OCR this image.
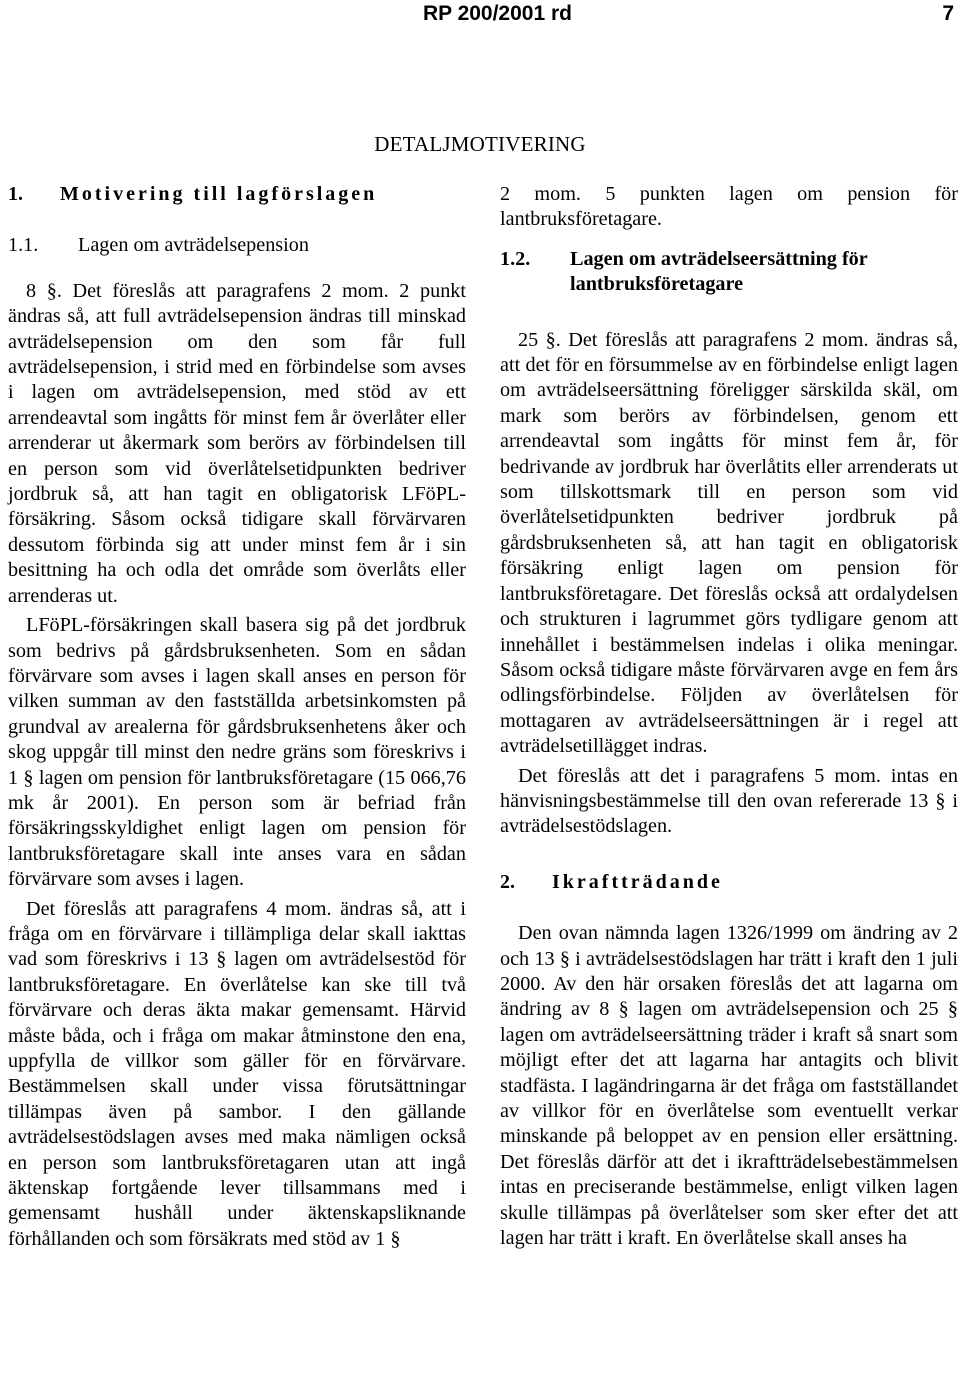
RP 200/2001 rd	7
DETALJMOTIVERING
1. Motivering till lagförslagen
1.1. Lagen om avträdelsepension

8 §. Det föreslås att paragrafens 2 mom. 2 punkt ändras så, att full avträdelsepension ändras till minskad avträdelsepension om den som får full avträdelsepension, i strid med en förbindelse som avses i lagen om avträdelsepension, med stöd av ett arrendeavtal som ingåtts för minst fem år överlåter eller arrenderar ut åkermark som berörs av förbindelsen till en person som vid överlåtelsetidpunkten bedriver jordbruk så, att han tagit en obligatorisk LFöPL-försäkring. Såsom också tidigare skall förvärvaren dessutom förbinda sig att under minst fem år i sin besittning ha och odla det område som överlåts eller arrenderas ut.

LFöPL-försäkringen skall basera sig på det jordbruk som bedrivs på gårdsbruksenheten. Som en sådan förvärvare som avses i lagen skall anses en person för vilken summan av den fastställda arbetsinkomsten på grundval av arealerna för gårdsbruksenhetens åker och skog uppgår till minst den nedre gräns som föreskrivs i 1 § lagen om pension för lantbruksföretagare (15 066,76 mk år 2001). En person som är befriad från försäkringsskyldighet enligt lagen om pension för lantbruksföretagare skall inte anses vara en sådan förvärvare som avses i lagen.

Det föreslås att paragrafens 4 mom. ändras så, att i fråga om en förvärvare i tillämpliga delar skall iakttas vad som föreskrivs i 13 § lagen om avträdelsestöd för lantbruksföretagare. En överlåtelse kan ske till två förvärvare och deras äkta makar gemensamt. Härvid måste båda, och i fråga om makar åtminstone den ena, uppfylla de villkor som gäller för en förvärvare. Bestämmelsen skall under vissa förutsättningar tillämpas även på sambor. I den gällande avträdelsestödslagen avses med maka nämligen också en person som lantbruksföretagaren utan att ingå äktenskap fortgående lever tillsammans med i gemensamt hushåll under äktenskapsliknande förhållanden och som försäkrats med stöd av 1 §

2 mom. 5 punkten lagen om pension för lantbruksföretagare.

1.2.	Lagen om avträdelseersättning för lantbruksföretagare

25 §. Det föreslås att paragrafens 2 mom. ändras så, att det för en försummelse av en förbindelse enligt lagen om avträdelseersättning föreligger särskilda skäl, om mark som berörs av förbindelsen, genom ett arrendeavtal som ingåtts för minst fem år, för bedrivande av jordbruk har överlåtits eller arrenderats ut som tillskottsmark till en person som vid överlåtelsetidpunkten bedriver jordbruk på gårdsbruksenheten så, att han tagit en obligatorisk försäkring enligt lagen om pension för lantbruksföretagare. Det föreslås också att ordalydelsen och strukturen i lagrummet görs tydligare genom att innehållet i bestämmelsen indelas i olika meningar. Såsom också tidigare måste förvärvaren avge en fem års odlingsförbindelse. Följden av överlåtelsen för mottagaren av avträdelseersättningen är i regel att avträdelsetillägget indras.

Det föreslås att det i paragrafens 5 mom. intas en hänvisningsbestämmelse till den ovan refererade 13 § i avträdelsestödslagen.

2. Ikraftträdande

Den ovan nämnda lagen 1326/1999 om ändring av 2 och 13 § i avträdelsestödslagen har trätt i kraft den 1 juli 2000. Av den här orsaken föreslås det att lagarna om ändring av 8 § lagen om avträdelsepension och 25 § lagen om avträdelseersättning träder i kraft så snart som möjligt efter det att lagarna har antagits och blivit stadfästa. I lagändringarna är det fråga om fastställandet av villkor för en överlåtelse som eventuellt verkar minskande på beloppet av en pension eller ersättning. Det föreslås därför att det i ikraftträdelsebestämmelsen intas en preciserande bestämmelse, enligt vilken lagen skulle tillämpas på överlåtelser som sker efter det att lagen har trätt i kraft. En överlåtelse skall anses ha
